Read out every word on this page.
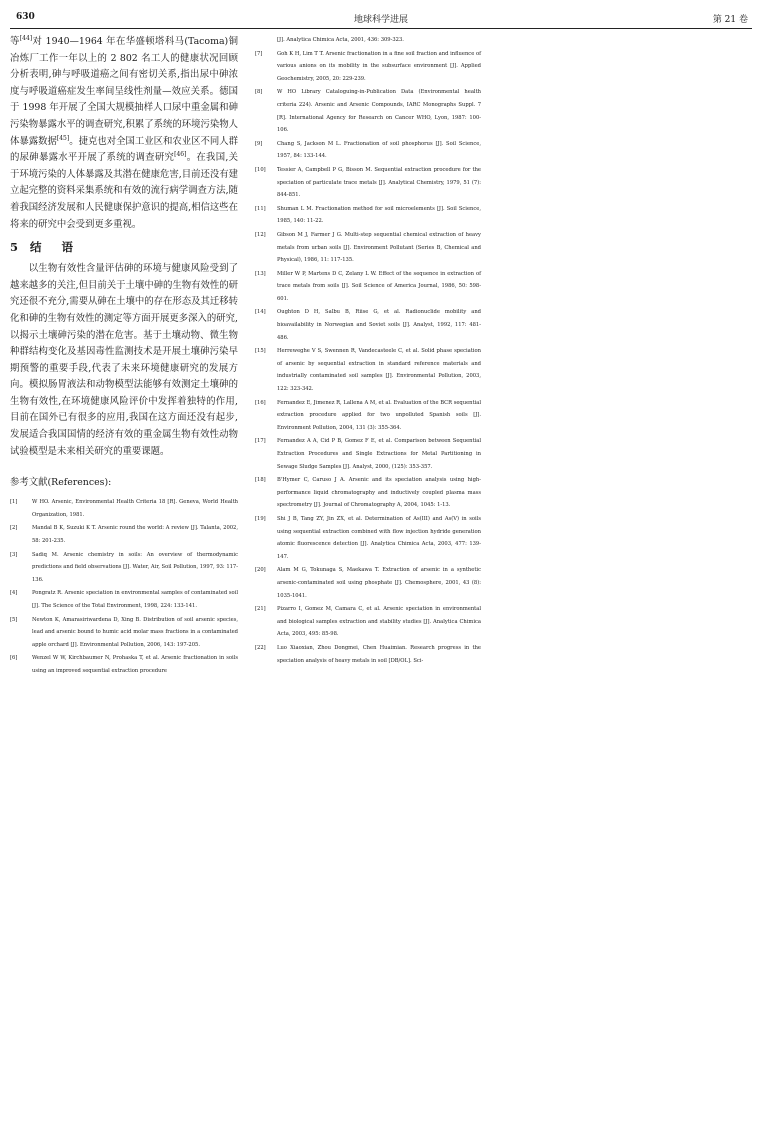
630	地球科学进展	第 21 卷

等[44]对 1940—1964 年在华盛顿塔科马(Tacoma)铜冶炼厂工作一年以上的 2 802 名工人的健康状况回顾分析表明,砷与呼吸道癌之间有密切关系,指出尿中砷浓度与呼吸道癌症发生率间呈线性剂量—效应关系。德国于 1998 年开展了全国大规模抽样人口尿中重金属和砷污染物暴露水平的调查研究,积累了系统的环境污染物人体暴露数据[45]。捷克也对全国工业区和农业区不同人群的尿砷暴露水平开展了系统的调查研究[46]。在我国,关于环境污染的人体暴露及其潜在健康危害,目前还没有建立起完整的资料采集系统和有效的流行病学调查方法,随着我国经济发展和人民健康保护意识的提高,相信这些在将来的研究中会受到更多重视。

5 结 语

以生物有效性含量评估砷的环境与健康风险受到了越来越多的关注,但目前关于土壤中砷的生物有效性的研究还很不充分,需要从砷在土壤中的存在形态及其迁移转化和砷的生物有效性的测定等方面开展更多深入的研究,以揭示土壤砷污染的潜在危害。基于土壤动物、微生物种群结构变化及基因毒性监测技术是开展土壤砷污染早期预警的重要手段,代表了未来环境健康研究的发展方向。模拟肠胃液法和动物模型法能够有效测定土壤砷的生物有效性,在环境健康风险评价中发挥着独特的作用,目前在国外已有很多的应用,我国在这方面还没有起步,发展适合我国国情的经济有效的重金属生物有效性动物试验模型是未来相关研究的重要课题。

参考文献(References):
[1]	W HO. Arsenic, Environmental Health Criteria 18 [R]. Geneva, World Health Organization, 1981.
[2]	Mandal B K, Suzuki K T. Arsenic round the world: A review [J]. Talanta, 2002, 58: 201-235.
[3]	Sadiq M. Arsenic chemistry in soils: An overview of thermodynamic predictions and field observations [J]. Water, Air, Soil Pollution, 1997, 93: 117-136.
[4]	Pongratz R. Arsenic speciation in environmental samples of contaminated soil [J]. The Science of the Total Environment, 1998, 224: 133-141.
[5]	Newton K, Amarasiriwardena D, Xing B. Distribution of soil arsenic species, lead and arsenic bound to humic acid molar mass fractions in a contaminated apple orchard [J]. Environmental Pollution, 2006, 143: 197-205.
[6]	Wenzel W W, Kirchbaumer N, Prohaska T, et al. Arsenic fractionation in soils using an improved sequential extraction procedure
[J]. Analytica Chimica Acta, 2001, 436: 309-323.
[7]	Goh K H, Lim T T. Arsenic fractionation in a fine soil fraction and influence of various anions on its mobility in the subsurface environment [J]. Applied Geochemistry, 2005, 20: 229-239.
[8]	W HO Library Cataloguing-in-Publication Data (Environmental health criteria 224). Arsenic and Arsenic Compounds, IARC Monographs Suppl. 7 [R]. International Agency for Research on Cancer WHO, Lyon, 1987: 100-106.
[9]	Chang S, Jackson M L. Fractionation of soil phosphorus [J]. Soil Science, 1957, 84: 133-144.
[10]	Tessier A, Campbell P G, Bisson M. Sequential extraction procedure for the speciation of particulate trace metals [J]. Analytical Chemistry, 1979, 51 (7): 844-851.
[11]	Shuman L M. Fractionation method for soil microelements [J]. Soil Science, 1985, 140: 11-22.
[12]	Gibson M J, Farmer J G. Multi-step sequential chemical extraction of heavy metals from urban soils [J]. Environment Pollutant (Series B, Chemical and Physical), 1986, 11: 117-135.
[13]	Miller W P, Martens D C, Zelany L W. Effect of the sequence in extraction of trace metals from soils [J]. Soil Science of America Journal, 1986, 50: 598-601.
[14]	Oughton D H, Salbu B, Riise G, et al. Radionuclide mobility and bioavailability in Norwegian and Soviet soils [J]. Analyst, 1992, 117: 481-486.
[15]	Herreweghe V S, Swennen R, Vandecasteele C, et al. Solid phase speciation of arsenic by sequential extraction in standard reference materials and industrially contaminated soil samples [J]. Environmental Pollution, 2003, 122: 323-342.
[16]	Fernandez E, Jimenez R, Lallena A M, et al. Evaluation of the BCR sequential extraction procedure applied for two unpolluted Spanish soils [J]. Environment Pollution, 2004, 131 (3): 355-364.
[17]	Fernandez A A, Cid P B, Gomez F E, et al. Comparison between Sequential Extraction Procedures and Single Extractions for Metal Partitioning in Sewage Sludge Samples [J]. Analyst, 2000, (125): 353-357.
[18]	B'Hymer C, Caruso J A. Arsenic and its speciation analysis using high-performance liquid chromatography and inductively coupled plasma mass spectrometry [J]. Journal of Chromatography A, 2004, 1045: 1-13.
[19]	Shi J B, Tang ZY, Jin ZX, et al. Determination of As(III) and As(V) in soils using sequential extraction combined with flow injection hydride generation atomic fluorescence detection [J]. Analytica Chimica Acta, 2003, 477: 139-147.
[20]	Alam M G, Tokunaga S, Maekawa T. Extraction of arsenic in a synthetic arsenic-contaminated soil using phosphate [J]. Chemosphere, 2001, 43 (8): 1035-1041.
[21]	Pizarro I, Gomez M, Camara C, et al. Arsenic speciation in environmental and biological samples extraction and stability studies [J]. Analytica Chimica Acta, 2003, 495: 85-98.
[22]	Luo Xiaoxian, Zhou Dongmei, Chen Huaimian. Research progress in the speciation analysis of heavy metals in soil [DB/OL]. Sci-
